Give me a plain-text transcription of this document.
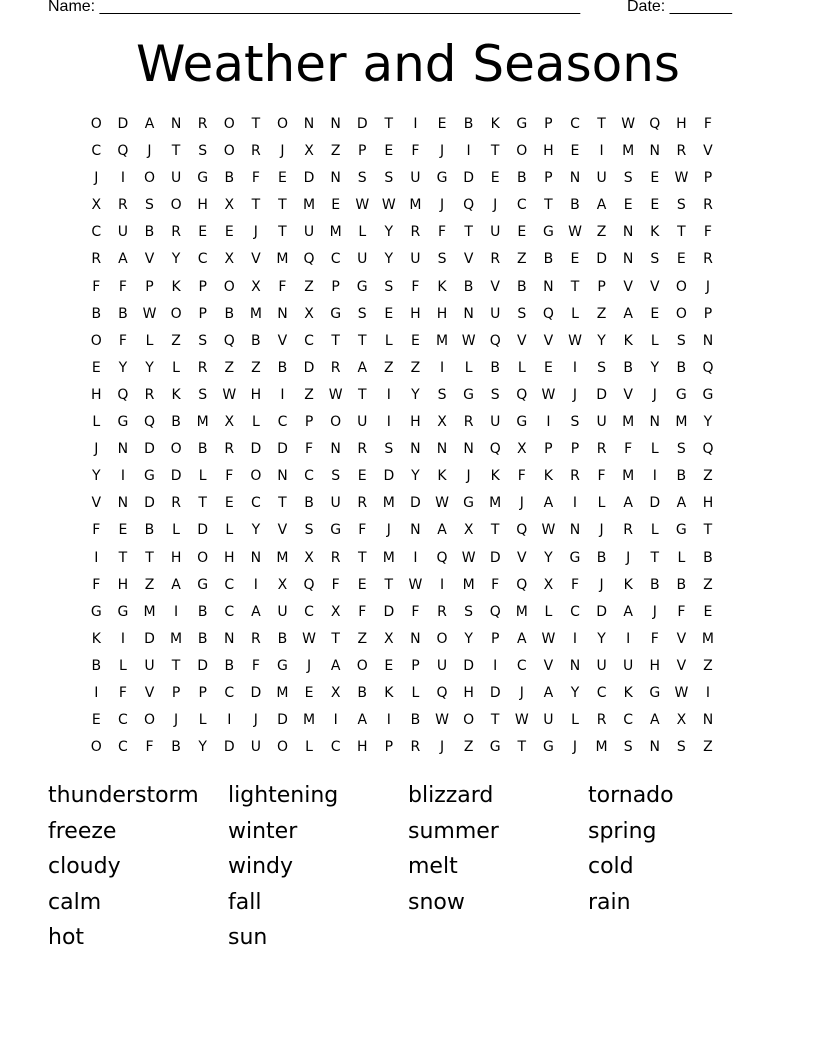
Name: ______________________________________________________

	Date: _______

Weather and Seasons
O	D	A	N	R	O	T	O	N	N	D	T	I	E	B	K	G	P	C	T	W	Q	H	F
C	Q	J	T	S	O	R	J	X	Z	P	E	F	J	I	T	O	H	E	I	M	N	R	V
J	I	O	U	G	B	F	E	D	N	S	S	U	G	D	E	B	P	N	U	S	E	W	P
X	R	S	O	H	X	T	T	M	E	W W M	J	Q	J	C	T	B	A	E	E	S	R
C	U	B	R	E	E	J	T	U	M	L	Y	R	F	T	U	E	G	W	Z	N	K	T	F
R	A	V	Y	C	X	V	M	Q	C	U	Y	U	S	V	R	Z	B	E	D	N	S	E	R
F	F	P	K	P	O	X	F	Z	P	G	S	F	K	B	V	B	N	T	P	V	V	O	J
B	B	W	O	P	B	M	N	X	G	S	E	H	H	N	U	S	Q	L	Z	A	E	O	P
O	F	L	Z	S	Q	B	V	C	T	T	L	E	M W	Q	V	V	W	Y	K	L	S	N
E	Y	Y	L	R	Z	Z	B	D	R	A	Z	Z	I	L	B	L	E	I	S	B	Y	B	Q
H	Q	R	K	S	W	H	I	Z	W	T	I	Y	S	G	S	Q	W	J	D	V	J	G	G
L	G	Q	B	M	X	L	C	P	O	U	I	H	X	R	U	G	I	S	U	M	N	M	Y
J	N	D	O	B	R	D	D	F	N	R	S	N	N	N	Q	X	P	P	R	F	L	S	Q
Y	I	G	D	L	F	O	N	C	S	E	D	Y	K	J	K	F	K	R	F	M	I	B	Z
V	N	D	R	T	E	C	T	B	U	R	M	D	W	G	M	J	A	I	L	A	D	A	H
F	E	B	L	D	L	Y	V	S	G	F	J	N	A	X	T	Q	W	N	J	R	L	G	T
I	T	T	H	O	H	N	M	X	R	T	M	I	Q	W	D	V	Y	G	B	J	T	L	B
F	H	Z	A	G	C	I	X	Q	F	E	T	W	I	M	F	Q	X	F	J	K	B	B	Z
G	G	M	I	B	C	A	U	C	X	F	D	F	R	S	Q	M	L	C	D	A	J	F	E
K	I	D	M	B	N	R	B	W	T	Z	X	N	O	Y	P	A	W	I	Y	I	F	V	M
B	L	U	T	D	B	F	G	J	A	O	E	P	U	D	I	C	V	N	U	U	H	V	Z
I	F	V	P	P	C	D	M	E	X	B	K	L	Q	H	D	J	A	Y	C	K	G	W	I
E	C	O	J	L	I	J	D	M	I	A	I	B	W	O	T	W	U	L	R	C	A	X	N
O	C	F	B	Y	D	U	O	L	C	H	P	R	J	Z	G	T	G	J	M	S	N	S	Z
thunderstorm	lightening	blizzard	tornado
freeze	winter	summer	spring
cloudy	windy	melt	cold
calm	fall	snow	rain
hot	sun
